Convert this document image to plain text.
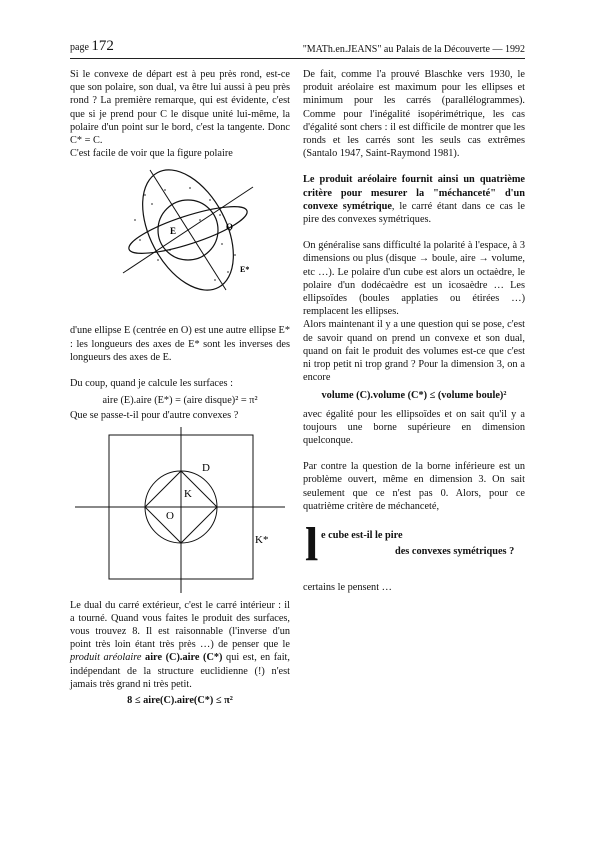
page 172	"MATh.en.JEANS" au Palais de la Découverte — 1992

Si le convexe de départ est à peu près rond, est-ce que son polaire, son dual, va être lui aussi à peu près rond ? La première remarque, qui est évidente, c'est que si je prend pour C le disque unité lui-même, la polaire d'un point sur le bord, c'est la tangente. Donc C* = C.

C'est facile de voir que la figure polaire

E	O
E*

d'une ellipse E (centrée en O) est une autre ellipse E* : les longueurs des axes de E* sont les inverses des longueurs des axes de E.

Du coup, quand je calcule les surfaces :

aire (E).aire (E*) = (aire disque)² = π²

Que se passe-t-il pour d'autre convexes ?

D
K
O
K*

Le dual du carré extérieur, c'est le carré intérieur : il a tourné. Quand vous faites le produit des surfaces, vous trouvez 8. Il est raisonnable (l'inverse d'un point très loin étant très près …) de penser que le produit aréolaire aire (C).aire (C*) qui est, en fait, indépendant de la structure euclidienne (!) n'est jamais très grand ni très petit.

8 ≤ aire(C).aire(C*) ≤ π²

De fait, comme l'a prouvé Blaschke vers 1930, le produit aréolaire est maximum pour les ellipses et minimum pour les carrés (parallélogrammes). Comme pour l'inégalité isopérimétrique, les cas d'égalité sont chers : il est difficile de montrer que les ronds et les carrés sont les seuls cas extrêmes (Santalo 1947, Saint-Raymond 1981).

Le produit aréolaire fournit ainsi un quatrième critère pour mesurer la "méchanceté" d'un convexe symétrique, le carré étant dans ce cas le pire des convexes symétriques.

On généralise sans difficulté la polarité à l'espace, à 3 dimensions ou plus (disque → boule, aire → volume, etc …). Le polaire d'un cube est alors un octaèdre, le polaire d'un dodécaèdre est un icosaèdre … Les ellipsoïdes (boules applaties ou étirées …) remplacent les ellipses.

Alors maintenant il y a une question qui se pose, c'est de savoir quand on prend un convexe et son dual, quand on fait le produit des volumes est-ce que c'est ni trop petit ni trop grand ? Pour la dimension 3, on a encore

volume (C).volume (C*) ≤ (volume boule)²

avec égalité pour les ellipsoïdes et on sait qu'il y a toujours une borne supérieure en dimension quelconque.

Par contre la question de la borne inférieure est un problème ouvert, même en dimension 3. On sait seulement que ce n'est pas 0. Alors, pour ce quatrième critère de méchanceté,

l e cube est-il le pire
des convexes symétriques ?

certains le pensent …
